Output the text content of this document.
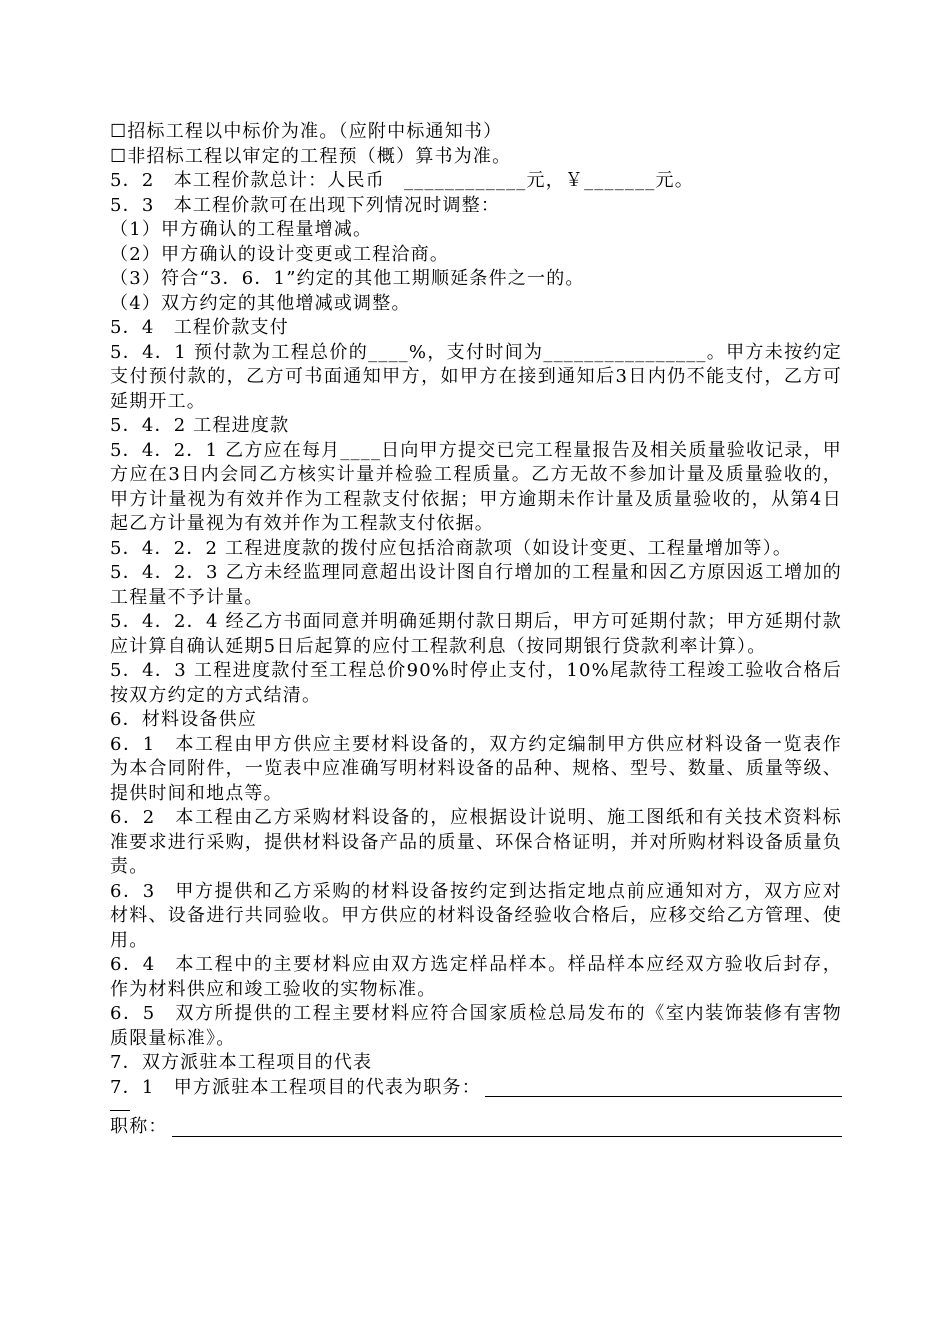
☐招标工程以中标价为准。（应附中标通知书）

☐非招标工程以审定的工程预（概）算书为准。

5．2　本工程价款总计：人民币　____________元，￥_______元。

5．3　本工程价款可在出现下列情况时调整：

（1）甲方确认的工程量增减。

（2）甲方确认的设计变更或工程洽商。

（3）符合“3．6．1”约定的其他工期顺延条件之一的。

（4）双方约定的其他增减或调整。

5．4　工程价款支付

5．4．1 预付款为工程总价的____%，支付时间为________________。甲方未按约定支付预付款的，乙方可书面通知甲方，如甲方在接到通知后3日内仍不能支付，乙方可延期开工。

5．4．2 工程进度款

5．4．2．1 乙方应在每月____日向甲方提交已完工程量报告及相关质量验收记录，甲方应在3日内会同乙方核实计量并检验工程质量。乙方无故不参加计量及质量验收的，甲方计量视为有效并作为工程款支付依据；甲方逾期未作计量及质量验收的，从第4日起乙方计量视为有效并作为工程款支付依据。

5．4．2．2 工程进度款的拨付应包括洽商款项（如设计变更、工程量增加等）。

5．4．2．3 乙方未经监理同意超出设计图自行增加的工程量和因乙方原因返工增加的工程量不予计量。

5．4．2．4 经乙方书面同意并明确延期付款日期后，甲方可延期付款；甲方延期付款应计算自确认延期5日后起算的应付工程款利息（按同期银行贷款利率计算）。

5．4．3 工程进度款付至工程总价90%时停止支付，10%尾款待工程竣工验收合格后按双方约定的方式结清。

6．材料设备供应

6．1　本工程由甲方供应主要材料设备的，双方约定编制甲方供应材料设备一览表作为本合同附件，一览表中应准确写明材料设备的品种、规格、型号、数量、质量等级、提供时间和地点等。

6．2　本工程由乙方采购材料设备的，应根据设计说明、施工图纸和有关技术资料标准要求进行采购，提供材料设备产品的质量、环保合格证明，并对所购材料设备质量负责。

6．3　甲方提供和乙方采购的材料设备按约定到达指定地点前应通知对方，双方应对材料、设备进行共同验收。甲方供应的材料设备经验收合格后，应移交给乙方管理、使用。

6．4　本工程中的主要材料应由双方选定样品样本。样品样本应经双方验收后封存，作为材料供应和竣工验收的实物标准。

6．5　双方所提供的工程主要材料应符合国家质检总局发布的《室内装饰装修有害物质限量标准》。

7．双方派驻本工程项目的代表

7．1　甲方派驻本工程项目的代表为职务：
职称：
